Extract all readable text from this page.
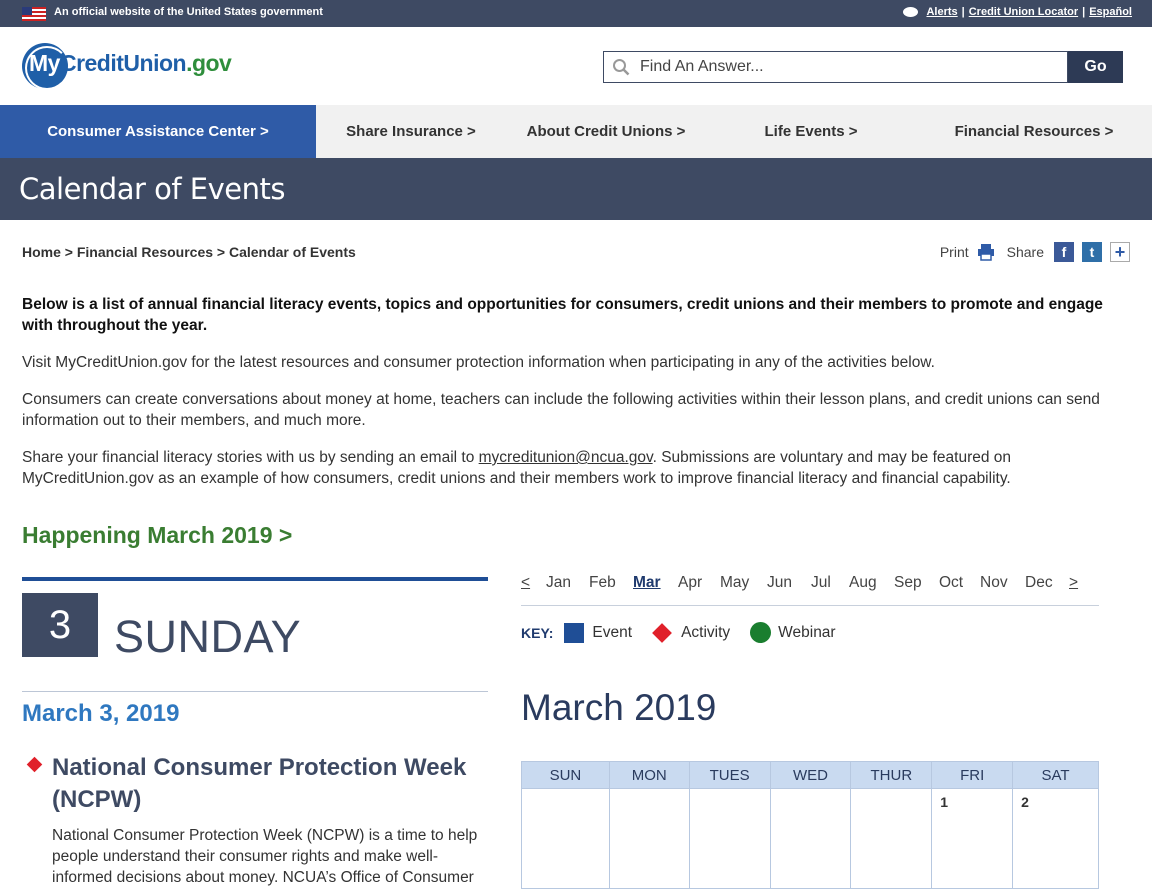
An official website of the United States government	Alerts | Credit Union Locator | Español
MyCreditUnion.gov
Find An Answer...	Go
Consumer Assistance Center >	Share Insurance >	About Credit Unions >	Life Events >	Financial Resources >
Calendar of Events
Home > Financial Resources > Calendar of Events	Print	Share	f	t	+

Below is a list of annual financial literacy events, topics and opportunities for consumers, credit unions and their members to promote and engage with throughout the year.

Visit MyCreditUnion.gov for the latest resources and consumer protection information when participating in any of the activities below.

Consumers can create conversations about money at home, teachers can include the following activities within their lesson plans, and credit unions can send information out to their members, and much more.

Share your financial literacy stories with us by sending an email to mycreditunion@ncua.gov. Submissions are voluntary and may be featured on MyCreditUnion.gov as an example of how consumers, credit unions and their members work to improve financial literacy and financial capability.

Happening March 2019 >
3 SUNDAY
March 3, 2019
National Consumer Protection Week (NCPW)
National Consumer Protection Week (NCPW) is a time to help people understand their consumer rights and make well-informed decisions about money. NCUA’s Office of Consumer
< Jan Feb Mar Apr May Jun Jul Aug Sep Oct Nov Dec >
KEY:	Event	Activity	Webinar
March 2019
SUN	MON	TUES	WED	THUR	FRI	SAT
					1	2
